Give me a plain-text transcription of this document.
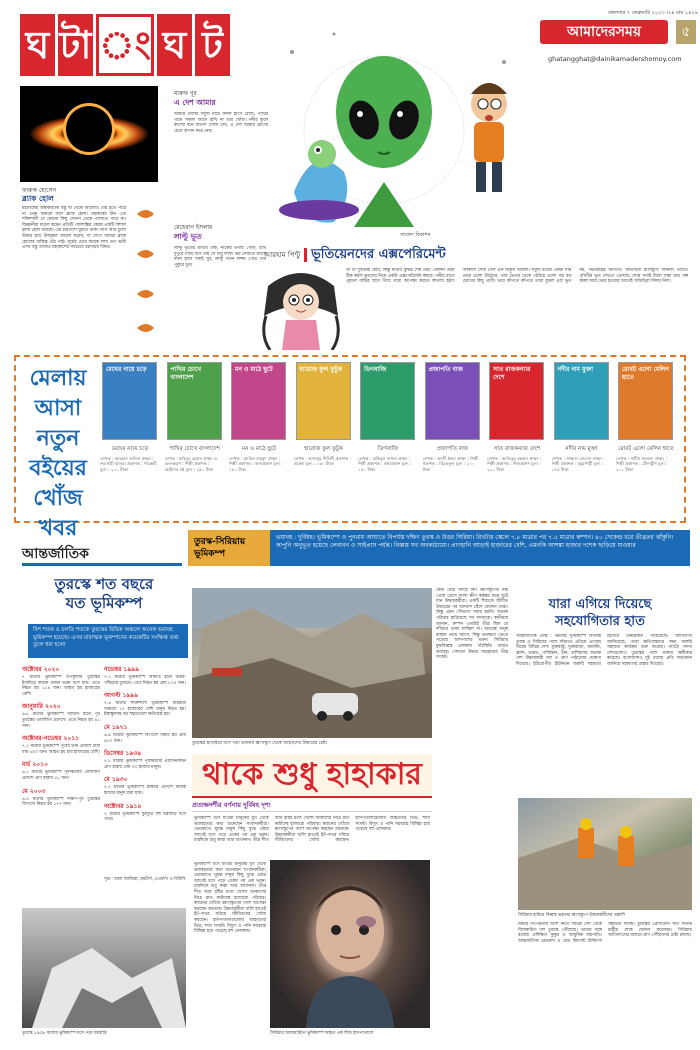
ঘ টা ং ঘ ট
মঙ্গলবার ৭ ফেব্রুয়ারি ২০২৩ ।২৪ মাঘ ১৪২৯
আমাদেরসময়	৫
ghatangghat@dainikamadershomoy.com
ফারুক হোসেন
ব্ল্যাক হোল
মহাবিশ্বের অন্ধকারতম বস্তু যা থেকে আলোও বের হতে পারে না এমন স্থানকে বলে ব্ল্যাক হোল। মহাকর্ষের টান এত শক্তিশালী যে কোনো কিছু সেখান থেকে পালাতে পারে না। বিজ্ঞানীরা ধারণা করেন প্রতিটি গ্যালাক্সির কেন্দ্রে একটি বিশাল ব্ল্যাক হোল রয়েছে। এর চারপাশে ঘুরতে থাকা গ্যাস আর ধুলো উত্তপ্ত হয়ে উজ্জ্বল আলো ছড়ায়, যা দেখে আমরা ব্ল্যাক হোলের অস্তিত্ব টের পাই। সূর্যের চেয়ে কয়েক লাখ গুণ ভারী এসব বস্তু আজও মহাকাশের সবচেয়ে রহস্যময় বিষয়।
মারুফ নূর
এ দেশ আমার
আমার দেশের সবুজ মাঠে ফসল হাসে রোজ, পাখির গানে সকাল আসে রাখি না তার খোঁজ। নদীর কূলে কাশের বনে বাতাস দোলা দেয়, এ দেশ আমার প্রাণের চেয়ে আপন করে নেয়।
মেহেরান ইসলাম
লাল্টু ভূত
লাল্টু ভূতের মাথায় টাক, নাকের ডগায় গোঁফ, রাত দুপুরে গাছে বসে দেয় সে শুধু লাফ। ভয় দেখাতে আসে যখন হাসে সবাই খুব, লাল্টু তখন লজ্জা পেয়ে দেয় পুকুরে ডুব।
সাজেদ বিকাশন
আরহাম পিন্টু ভূতিয়েনদের এক্সপেরিমেন্ট
তা রা দুজনেই ছোট, কিন্তু মাথায় বুদ্ধির শেষ নেই। একদিন তারা ঠিক করল ভূতদের নিয়ে একটা এক্সপেরিমেন্ট করবে। গভীর রাতে পুরনো বাড়ির ছাদে গিয়ে তারা অপেক্ষা করতে লাগল। হঠাৎ আকাশে দেখা গেল এক অদ্ভুত আলো। সবুজ রঙের একটা যান নেমে এলো উঠোনে, তার ভেতর থেকে বেরিয়ে এলো বড় বড় চোখের কিছু প্রাণী। ভয়ে কাঁপতে কাঁপতে তারা বুঝল এরা ভূত নয়, ভিনগ্রহের অতিথি। অতিথিরা হাসিমুখে জানাল তারাও পৃথিবীর ভূত দেখতে এসেছে। শেষে সবাই মিলে সারা রাত গল্প করল আর ভোর হওয়ার আগেই অতিথিরা বিদায় নিল।
মেলায়
আসা
নতুন
বইয়ের
খোঁজ
খবর
মেঘের নায়ে চড়ে
মেঘের নায়ে চড়ে
লেখক : আরমান জলিল প্রচ্ছদ : সব্যসাচী হাজরা প্রকাশক : পাঞ্জেরী মূল্য : ২০০ টাকা
পাখির চোখে বাংলাদেশ
পাখির চোখে বাংলাদেশ
লেখক : ফরিদুর রহমান প্রচ্ছদ ও অলংকরণ : শিল্পী প্রকাশক : ছোটদের বই মূল্য : ২৫০ টাকা
মন ও মাঠে ছুটে
মন ও মাঠে ছুটে
লেখক : আরিফ মাহমুদ প্রচ্ছদ : শিল্পী প্রকাশক : অন্যপ্রকাশ মূল্য : ১৮০ টাকা
হারোজ ফুল ফুটুক
হারোজ ফুল ফুটুক
লেখক : আনজুম শিউলী প্রকাশক : অন্বেষা মূল্য : ১৬০ টাকা
ডিগবাজি
ডিগবাজি
লেখক : রাকিবুল হাসান প্রচ্ছদ : শিল্পী প্রকাশক : কথাপ্রকাশ মূল্য : ১৫০ টাকা
প্রজাপতি বাজ
প্রজাপতি বাজ
লেখক : আলী ইমাম প্রচ্ছদ : শিল্পী প্রকাশক : ঝিঙেফুল মূল্য : ২০০ টাকা
সাত রাজকন্যার দেশে
সাত রাজকন্যার দেশে
লেখক : আতিকুর রহমান প্রচ্ছদ : শিল্পী প্রকাশক : শিশুপ্রকাশ মূল্য : ২২০ টাকা
নদীর নাম মুক্তা
নদীর নাম মুক্তা
লেখক : সাজ্জাদ হোসেন প্রচ্ছদ : শিল্পী প্রকাশক : ময়ূরপঙ্খী মূল্য : ১৭৫ টাকা
রোবট এলো মেলিন হাতে
রোবট এলো মেলিন হাতে
লেখক : শামীম আজাদ প্রচ্ছদ : শিল্পী প্রকাশক : টোনাটুনি মূল্য : ২০০ টাকা
আন্তর্জাতিক
তুরস্ক-সিরিয়ায়
ভূমিকম্প
ভয়াবহ : দুর্বিষহ। ভূমিকম্পে ও পুনরায় আঘাতে বিপর্যস্ত দক্ষিণ তুরস্ক ও উত্তর সিরিয়া। রিখটার স্কেলে ৭.৮ মাত্রার পর ৭.৫ মাত্রার কম্পন। ৪০ সেকেন্ড ধরে তীব্রতর ঝাঁকুনি। কাপুনি অনুভূত হয়েছে লেবানন ও সাইপ্রাস পর্যন্ত। বিধ্বস্ত সব অবকাঠামো। প্রাণহানি আড়াই হাজারের বেশি, এমনকি আশঙ্কা হাজার দশেক ছাড়িয়ে যাওয়ার
তুরস্কে শত বছরে
যত ভূমিকম্প
বিশ শতক ও চলতি শতকে তুরস্কের বিভিন্ন অঞ্চলে অনেক ভয়াবহ ভূমিকম্প হয়েছে। এসব মারাত্মক ভূকম্পনের কয়েকটির সংক্ষিপ্ত তথ্য তুলে ধরা হলো
অক্টোবর ২০২০
৭ মাত্রার ভূমিকম্পে উপকূলীয় তুরস্কের ইজমিরে কয়েক ডজন ভবন ধসে যায়। এতে নিহত হয় ১১৪ জন। আহত হয় হাজারের বেশি।
জানুয়ারি ২০২০
৬.৮ মাত্রার ভূমিকম্পে আঘাত হানে পূর্ব তুরস্কের এলাজিগ প্রদেশে। এতে নিহত হয় ৪১ জন।
অক্টোবর-নভেম্বর ২০১১
৭.২ মাত্রার ভূমিকম্পে পূর্বের ভান প্রদেশে মারা যায় ৬০০ জন। আহত হয় চার হাজারের বেশি।
মার্চ ২০১০
৬.১ মাত্রার ভূমিকম্পে পূর্বাঞ্চলের এলাজিগ প্রদেশে প্রাণ হারায় ৫১ জন।
মে ২০০৩
৬.৪ মাত্রার ভূমিকম্পে দক্ষিণ-পূর্ব তুরস্কের বিংগলে নিহত হয় ১৭৭ জন।
নভেম্বর ১৯৯৯
৭.২ মাত্রার ভূমিকম্পে আঘাত হানে উত্তর-পশ্চিমের ডুজচে। এতে নিহত হয় প্রায় ৮০০ জন।
আগস্ট ১৯৯৯
৭.৬ মাত্রার শক্তিশালী ভূমিকম্পে মারমারা অঞ্চলে ১৭ হাজারের বেশি মানুষ নিহত হয়। ইস্তাম্বুলসহ বড় শহরগুলো ক্ষতিগ্রস্ত হয়।
মে ১৯৭১
৬.৯ মাত্রার ভূমিকম্পে বিংগলে নিহত হয় প্রায় ৯০০ জন।
ডিসেম্বর ১৯৩৯
৭.৮ মাত্রার ভূমিকম্পে পূর্বাঞ্চলের এরজিনকানে প্রাণ হারায় প্রায় ৩৩ হাজার মানুষ।
মে ১৯৩০
৭.২ মাত্রার ভূমিকম্পে হাক্কারি প্রদেশে কয়েক হাজার মানুষ মারা যায়।
অক্টোবর ১৯১৪
৭ মাত্রার ভূমিকম্পে বুরদুরে বহু ঘরবাড়ি ধসে পড়ে।
সূত্র : আল জাজিরা, রয়টার্স, এএফপি ও বিবিসি
তুরস্কে ১৯৩৯ সালের ভূমিকম্পে ধসে পড়া ঘরবাড়ি
তুরস্কের হাতাইয়ে ধসে পড়া ভবনের ধ্বংসস্তূপ থেকে আহতদের উদ্ধারের চেষ্টা
থাকে শুধু হাহাকার
প্রত্যক্ষদর্শীর বর্ণনায় দুর্বিষহ দৃশ্য
ভূমিকম্পে ধসে যাওয়া মানুষের মুখ থেকে ভয়াবহতার কথা শুনেছেন সংবাদকর্মীরা। ভোররাতে ঘুমন্ত মানুষ কিছু বুঝে ওঠার আগেই ধসে পড়ে একের পর এক ভবন। চারদিকে শুধু কান্না আর আর্তনাদ। তীব্র শীত আর বৃষ্টির মধ্যে খোলা আকাশের নিচে রাত কাটাচ্ছে হাজারো পরিবার। স্বজনের খোঁজে ধ্বংসস্তূপের পাশে অপেক্ষা করছেন অনেকে। উদ্ধারকর্মীরা খালি হাতেই ইট-পাথর সরিয়ে জীবিতদের খোঁজ করছেন। হাসপাতালগুলোয় আহতদের ভিড়, শয্যা সংকট। বিদ্যুৎ ও পানি সরবরাহ বিচ্ছিন্ন হয়ে পড়েছে বহু এলাকায়।
ভূমিকম্পে ধসে যাওয়া মানুষের মুখ থেকে ভয়াবহতার কথা শুনেছেন সংবাদকর্মীরা। ভোররাতে ঘুমন্ত মানুষ কিছু বুঝে ওঠার আগেই ধসে পড়ে একের পর এক ভবন। চারদিকে শুধু কান্না আর আর্তনাদ। তীব্র শীত আর বৃষ্টির মধ্যে খোলা আকাশের নিচে রাত কাটাচ্ছে হাজারো পরিবার। স্বজনের খোঁজে ধ্বংসস্তূপের পাশে অপেক্ষা করছেন অনেকে। উদ্ধারকর্মীরা খালি হাতেই ইট-পাথর সরিয়ে জীবিতদের খোঁজ করছেন। হাসপাতালগুলোয় আহতদের ভিড়, শয্যা সংকট। বিদ্যুৎ ও পানি সরবরাহ বিচ্ছিন্ন হয়ে পড়েছে বহু এলাকায়।
সিরিয়ার আজমারিনে ভূমিকম্পে আহত এক শিশু হাসপাতালে
কেউ বেঁচে আছে কি? ধ্বংসস্তূপের নিচ থেকে ভেসে আসা ক্ষীণ কণ্ঠস্বর শুনে ছুটে যান উদ্ধারকর্মীরা। একটি শিশুকে জীবিত উদ্ধারের পর আনন্দে কেঁদে ফেলেন তারা। কিন্তু এমন সৌভাগ্য সবার হয়নি। অনেক পরিবার হারিয়েছে সব সদস্যকে। স্থানীয়রা জানান, কম্পন এতটাই তীব্র ছিল যে দাঁড়িয়ে থাকা যাচ্ছিল না। আতঙ্কে মানুষ রাস্তায় নেমে আসে, কিন্তু ততক্ষণে ভেঙে পড়েছে আশপাশের ভবন। সিরিয়ার যুদ্ধবিধ্বস্ত এলাকায় পরিস্থিতি আরও ভয়াবহ। সেখানে উদ্ধার সরঞ্জামের তীব্র সংকট।
যারা এগিয়ে দিয়েছে
সহযোগিতার হাত
আন্তর্জাতিক ডেস্ক : ভয়াবহ ভূমিকম্পে বিপর্যস্ত তুরস্ক ও সিরিয়ার পাশে দাঁড়াতে এগিয়ে এসেছে বিশ্বের বিভিন্ন দেশ। যুক্তরাষ্ট্র, যুক্তরাজ্য, জার্মানি, ফ্রান্স, ভারত, পাকিস্তান, চীন, রাশিয়াসহ অনেক দেশ উদ্ধারকারী দল ও ত্রাণ পাঠানোর ঘোষণা দিয়েছে। ইউরোপীয় ইউনিয়ন জরুরি সহায়তা হিসেবে উদ্ধারকর্মী পাঠিয়েছে। জাতিসংঘ জানিয়েছে, তারা ক্ষতিগ্রস্তদের জন্য জরুরি সহায়তা কার্যক্রম শুরু করেছে। ন্যাটো সদস্য দেশগুলোও তুরস্কের পাশে থাকার অঙ্গীকার করেছে। বাংলাদেশও দুই দেশের প্রতি সমবেদনা জানিয়ে সহায়তার প্রস্তাব দিয়েছে।
সিরিয়ার হারিমে বিধ্বস্ত ভবনের ধ্বংসস্তূপে উদ্ধারকর্মীদের তল্লাশি
উদ্ধার তৎপরতায় অংশ নিতে বিভিন্ন দেশ থেকে বিশেষায়িত দল তুরস্কে পৌঁছেছে। তাদের সঙ্গে রয়েছে প্রশিক্ষিত কুকুর ও আধুনিক যন্ত্রপাতি। আন্তর্জাতিক রেডক্রস ও রেড ক্রিসেন্ট চিকিৎসা সহায়তা দিচ্ছে। তুরস্কের প্রেসিডেন্ট সাত দিনের রাষ্ট্রীয় শোক ঘোষণা করেছেন। সিরিয়ায় জাতিসংঘের মাধ্যমে ত্রাণ পৌঁছানোর চেষ্টা চলছে।
